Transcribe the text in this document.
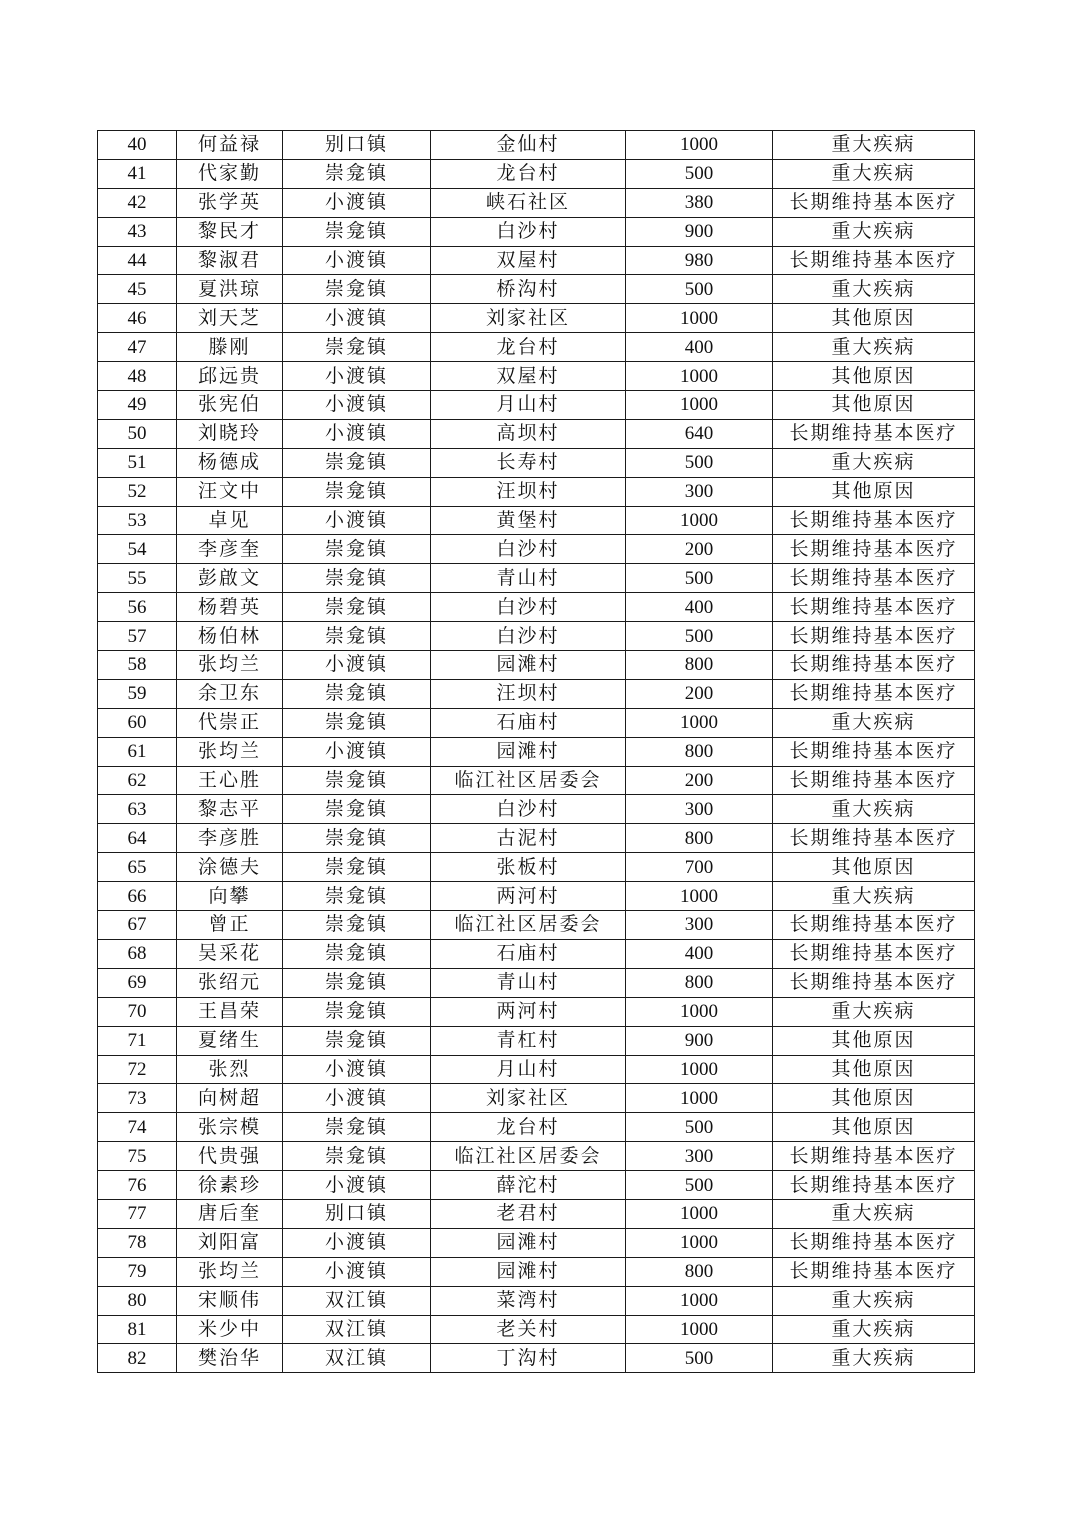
40	何益禄	别口镇	金仙村	1000	重大疾病
41	代家勤	崇龛镇	龙台村	500	重大疾病
42	张学英	小渡镇	峡石社区	380	长期维持基本医疗
43	黎民才	崇龛镇	白沙村	900	重大疾病
44	黎淑君	小渡镇	双屋村	980	长期维持基本医疗
45	夏洪琼	崇龛镇	桥沟村	500	重大疾病
46	刘天芝	小渡镇	刘家社区	1000	其他原因
47	滕刚	崇龛镇	龙台村	400	重大疾病
48	邱远贵	小渡镇	双屋村	1000	其他原因
49	张宪伯	小渡镇	月山村	1000	其他原因
50	刘晓玲	小渡镇	高坝村	640	长期维持基本医疗
51	杨德成	崇龛镇	长寿村	500	重大疾病
52	汪文中	崇龛镇	汪坝村	300	其他原因
53	卓见	小渡镇	黄堡村	1000	长期维持基本医疗
54	李彦奎	崇龛镇	白沙村	200	长期维持基本医疗
55	彭啟文	崇龛镇	青山村	500	长期维持基本医疗
56	杨碧英	崇龛镇	白沙村	400	长期维持基本医疗
57	杨伯林	崇龛镇	白沙村	500	长期维持基本医疗
58	张均兰	小渡镇	园滩村	800	长期维持基本医疗
59	余卫东	崇龛镇	汪坝村	200	长期维持基本医疗
60	代崇正	崇龛镇	石庙村	1000	重大疾病
61	张均兰	小渡镇	园滩村	800	长期维持基本医疗
62	王心胜	崇龛镇	临江社区居委会	200	长期维持基本医疗
63	黎志平	崇龛镇	白沙村	300	重大疾病
64	李彦胜	崇龛镇	古泥村	800	长期维持基本医疗
65	涂德夫	崇龛镇	张板村	700	其他原因
66	向攀	崇龛镇	两河村	1000	重大疾病
67	曾正	崇龛镇	临江社区居委会	300	长期维持基本医疗
68	吴采花	崇龛镇	石庙村	400	长期维持基本医疗
69	张绍元	崇龛镇	青山村	800	长期维持基本医疗
70	王昌荣	崇龛镇	两河村	1000	重大疾病
71	夏绪生	崇龛镇	青杠村	900	其他原因
72	张烈	小渡镇	月山村	1000	其他原因
73	向树超	小渡镇	刘家社区	1000	其他原因
74	张宗模	崇龛镇	龙台村	500	其他原因
75	代贵强	崇龛镇	临江社区居委会	300	长期维持基本医疗
76	徐素珍	小渡镇	薛沱村	500	长期维持基本医疗
77	唐后奎	别口镇	老君村	1000	重大疾病
78	刘阳富	小渡镇	园滩村	1000	长期维持基本医疗
79	张均兰	小渡镇	园滩村	800	长期维持基本医疗
80	宋顺伟	双江镇	菜湾村	1000	重大疾病
81	米少中	双江镇	老关村	1000	重大疾病
82	樊治华	双江镇	丁沟村	500	重大疾病
